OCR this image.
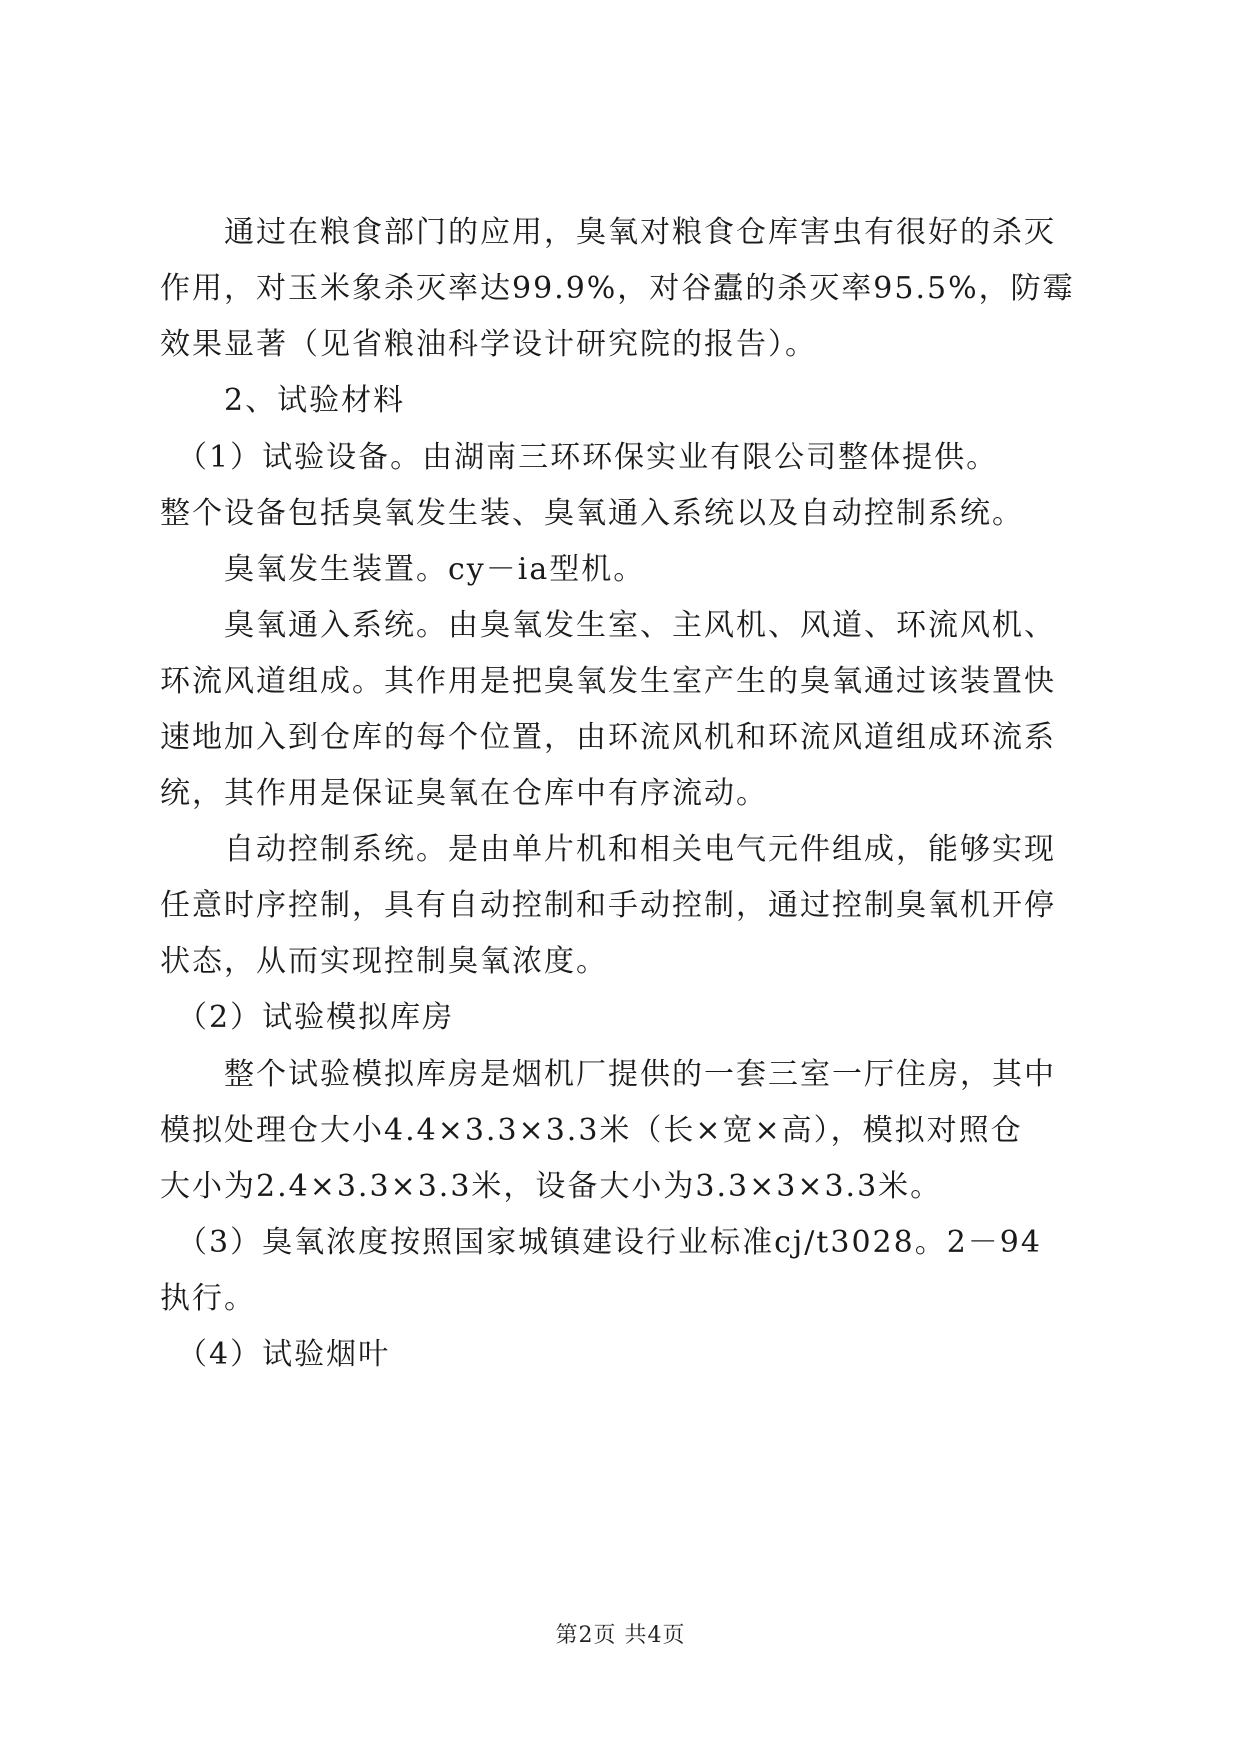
　　通过在粮食部门的应用，臭氧对粮食仓库害虫有很好的杀灭
作用，对玉米象杀灭率达99.9%，对谷蠹的杀灭率95.5%，防霉
效果显著（见省粮油科学设计研究院的报告）。
　　2、试验材料
　（1）试验设备。由湖南三环环保实业有限公司整体提供。
整个设备包括臭氧发生装、臭氧通入系统以及自动控制系统。
　　臭氧发生装置。cy－ia型机。
　　臭氧通入系统。由臭氧发生室、主风机、风道、环流风机、
环流风道组成。其作用是把臭氧发生室产生的臭氧通过该装置快
速地加入到仓库的每个位置，由环流风机和环流风道组成环流系
统，其作用是保证臭氧在仓库中有序流动。
　　自动控制系统。是由单片机和相关电气元件组成，能够实现
任意时序控制，具有自动控制和手动控制，通过控制臭氧机开停
状态，从而实现控制臭氧浓度。
　（2）试验模拟库房
　　整个试验模拟库房是烟机厂提供的一套三室一厅住房，其中
模拟处理仓大小4.4×3.3×3.3米（长×宽×高），模拟对照仓
大小为2.4×3.3×3.3米，设备大小为3.3×3×3.3米。
　（3）臭氧浓度按照国家城镇建设行业标准cj/t3028。2－94
执行。
　（4）试验烟叶
第2页 共4页
